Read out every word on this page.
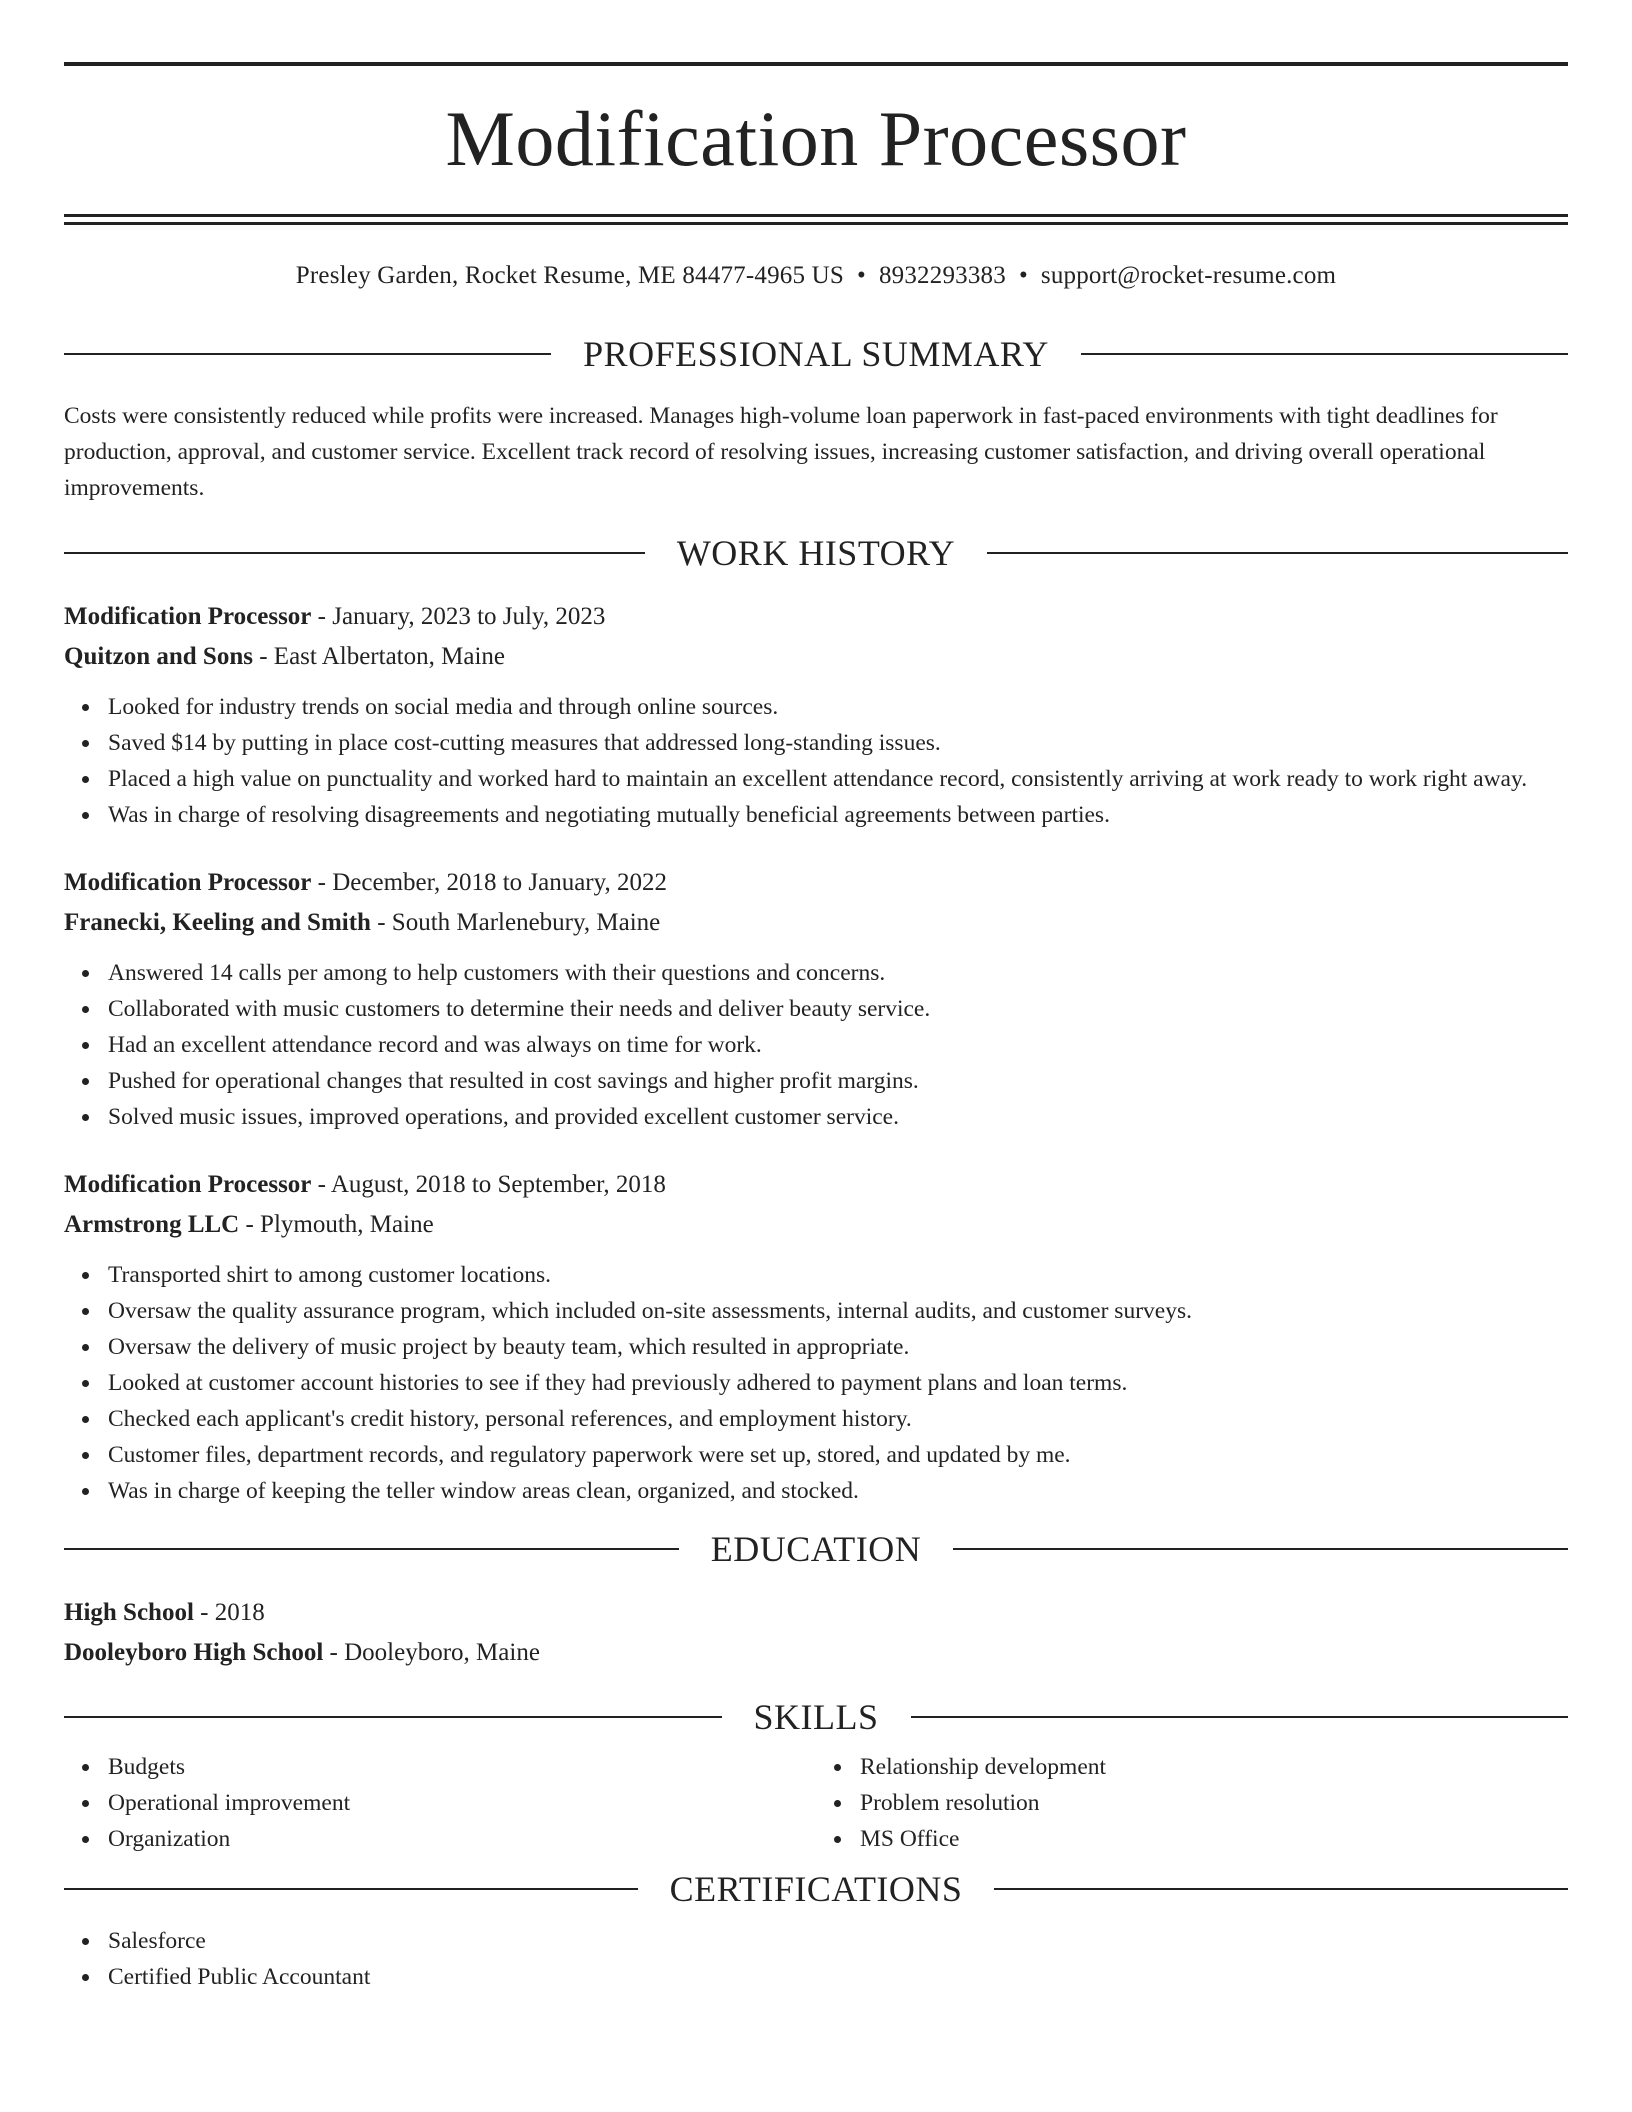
Modification Processor
Presley Garden, Rocket Resume, ME 84477-4965 US • 8932293383 • support@rocket-resume.com
PROFESSIONAL SUMMARY

Costs were consistently reduced while profits were increased. Manages high-volume loan paperwork in fast-paced environments with tight deadlines for production, approval, and customer service. Excellent track record of resolving issues, increasing customer satisfaction, and driving overall operational improvements.

WORK HISTORY
Modification Processor - January, 2023 to July, 2023
Quitzon and Sons - East Albertaton, Maine
Looked for industry trends on social media and through online sources.
Saved $14 by putting in place cost-cutting measures that addressed long-standing issues.
Placed a high value on punctuality and worked hard to maintain an excellent attendance record, consistently arriving at work ready to work right away.
Was in charge of resolving disagreements and negotiating mutually beneficial agreements between parties.
Modification Processor - December, 2018 to January, 2022
Franecki, Keeling and Smith - South Marlenebury, Maine
Answered 14 calls per among to help customers with their questions and concerns.
Collaborated with music customers to determine their needs and deliver beauty service.
Had an excellent attendance record and was always on time for work.
Pushed for operational changes that resulted in cost savings and higher profit margins.
Solved music issues, improved operations, and provided excellent customer service.
Modification Processor - August, 2018 to September, 2018
Armstrong LLC - Plymouth, Maine
Transported shirt to among customer locations.
Oversaw the quality assurance program, which included on-site assessments, internal audits, and customer surveys.
Oversaw the delivery of music project by beauty team, which resulted in appropriate.
Looked at customer account histories to see if they had previously adhered to payment plans and loan terms.
Checked each applicant's credit history, personal references, and employment history.
Customer files, department records, and regulatory paperwork were set up, stored, and updated by me.
Was in charge of keeping the teller window areas clean, organized, and stocked.
EDUCATION
High School - 2018
Dooleyboro High School - Dooleyboro, Maine
SKILLS
Budgets
Operational improvement
Organization
Relationship development
Problem resolution
MS Office
CERTIFICATIONS
Salesforce
Certified Public Accountant
